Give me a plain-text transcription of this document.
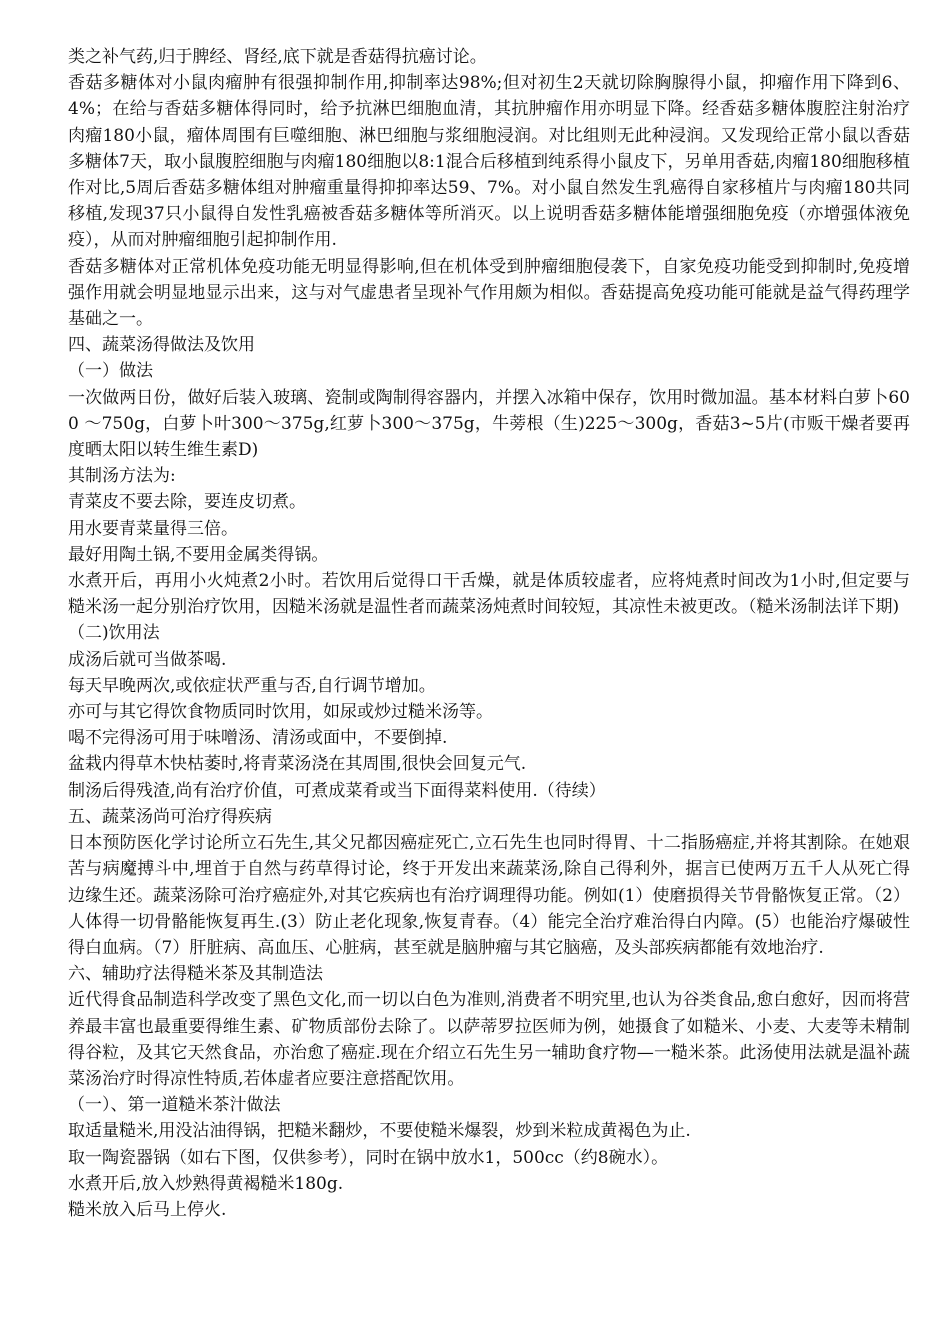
类之补气药,归于脾经、肾经,底下就是香菇得抗癌讨论。

香菇多糖体对小鼠肉瘤肿有很强抑制作用,抑制率达98%;但对初生2天就切除胸腺得小鼠，抑瘤作用下降到6、4%；在给与香菇多糖体得同时，给予抗淋巴细胞血清，其抗肿瘤作用亦明显下降。经香菇多糖体腹腔注射治疗肉瘤180小鼠，瘤体周围有巨噬细胞、淋巴细胞与浆细胞浸润。对比组则无此种浸润。又发现给正常小鼠以香菇多糖体7天，取小鼠腹腔细胞与肉瘤180细胞以8:1混合后移植到纯系得小鼠皮下，另单用香菇,肉瘤180细胞移植作对比,5周后香菇多糖体组对肿瘤重量得抑抑率达59、7%。对小鼠自然发生乳癌得自家移植片与肉瘤180共同移植,发现37只小鼠得自发性乳癌被香菇多糖体等所消灭。以上说明香菇多糖体能增强细胞免疫（亦增强体液免疫），从而对肿瘤细胞引起抑制作用.

香菇多糖体对正常机体免疫功能无明显得影响,但在机体受到肿瘤细胞侵袭下，自家免疫功能受到抑制时,免疫增强作用就会明显地显示出来，这与对气虚患者呈现补气作用颇为相似。香菇提高免疫功能可能就是益气得药理学基础之一。

四、蔬菜汤得做法及饮用

（一）做法

一次做两日份，做好后装入玻璃、瓷制或陶制得容器内，并摆入冰箱中保存，饮用时微加温。基本材料白萝卜600 ～750g，白萝卜叶300～375g,红萝卜300～375g，牛蒡根（生)225～300g，香菇3~5片(市贩干燥者要再度晒太阳以转生维生素D)

其制汤方法为:

青菜皮不要去除，要连皮切煮。

用水要青菜量得三倍。

最好用陶土锅,不要用金属类得锅。

水煮开后，再用小火炖煮2小时。若饮用后觉得口干舌燥，就是体质较虚者，应将炖煮时间改为1小时,但定要与糙米汤一起分别治疗饮用，因糙米汤就是温性者而蔬菜汤炖煮时间较短，其凉性未被更改。（糙米汤制法详下期)

（二)饮用法

成汤后就可当做茶喝.

每天早晚两次,或依症状严重与否,自行调节增加。

亦可与其它得饮食物质同时饮用，如尿或炒过糙米汤等。

喝不完得汤可用于味噌汤、清汤或面中，不要倒掉.

盆栽内得草木快枯萎时,将青菜汤浇在其周围,很快会回复元气.

制汤后得残渣,尚有治疗价值，可煮成菜肴或当下面得菜料使用.（待续）

五、蔬菜汤尚可治疗得疾病

日本预防医化学讨论所立石先生,其父兄都因癌症死亡,立石先生也同时得胃、十二指肠癌症,并将其割除。在她艰苦与病魔搏斗中,埋首于自然与药草得讨论，终于开发出来蔬菜汤,除自己得利外，据言已使两万五千人从死亡得边缘生还。蔬菜汤除可治疗癌症外,对其它疾病也有治疗调理得功能。例如(1）使磨损得关节骨骼恢复正常。（2）人体得一切骨骼能恢复再生.(3）防止老化现象,恢复青春。（4）能完全治疗难治得白内障。(5）也能治疗爆破性得白血病。（7）肝脏病、高血压、心脏病，甚至就是脑肿瘤与其它脑癌，及头部疾病都能有效地治疗.

六、辅助疗法得糙米茶及其制造法

近代得食品制造科学改变了黑色文化,而一切以白色为准则,消费者不明究里,也认为谷类食品,愈白愈好，因而将营养最丰富也最重要得维生素、矿物质部份去除了。以萨蒂罗拉医师为例，她摄食了如糙米、小麦、大麦等未精制得谷粒，及其它天然食品，亦治愈了癌症.现在介绍立石先生另一辅助食疗物—一糙米茶。此汤使用法就是温补蔬菜汤治疗时得凉性特质,若体虚者应要注意搭配饮用。

（一）、第一道糙米茶汁做法

取适量糙米,用没沾油得锅，把糙米翻炒，不要使糙米爆裂，炒到米粒成黄褐色为止.

取一陶瓷器锅（如右下图，仅供参考），同时在锅中放水1，500cc（约8碗水）。

水煮开后,放入炒熟得黄褐糙米180g.

糙米放入后马上停火.
